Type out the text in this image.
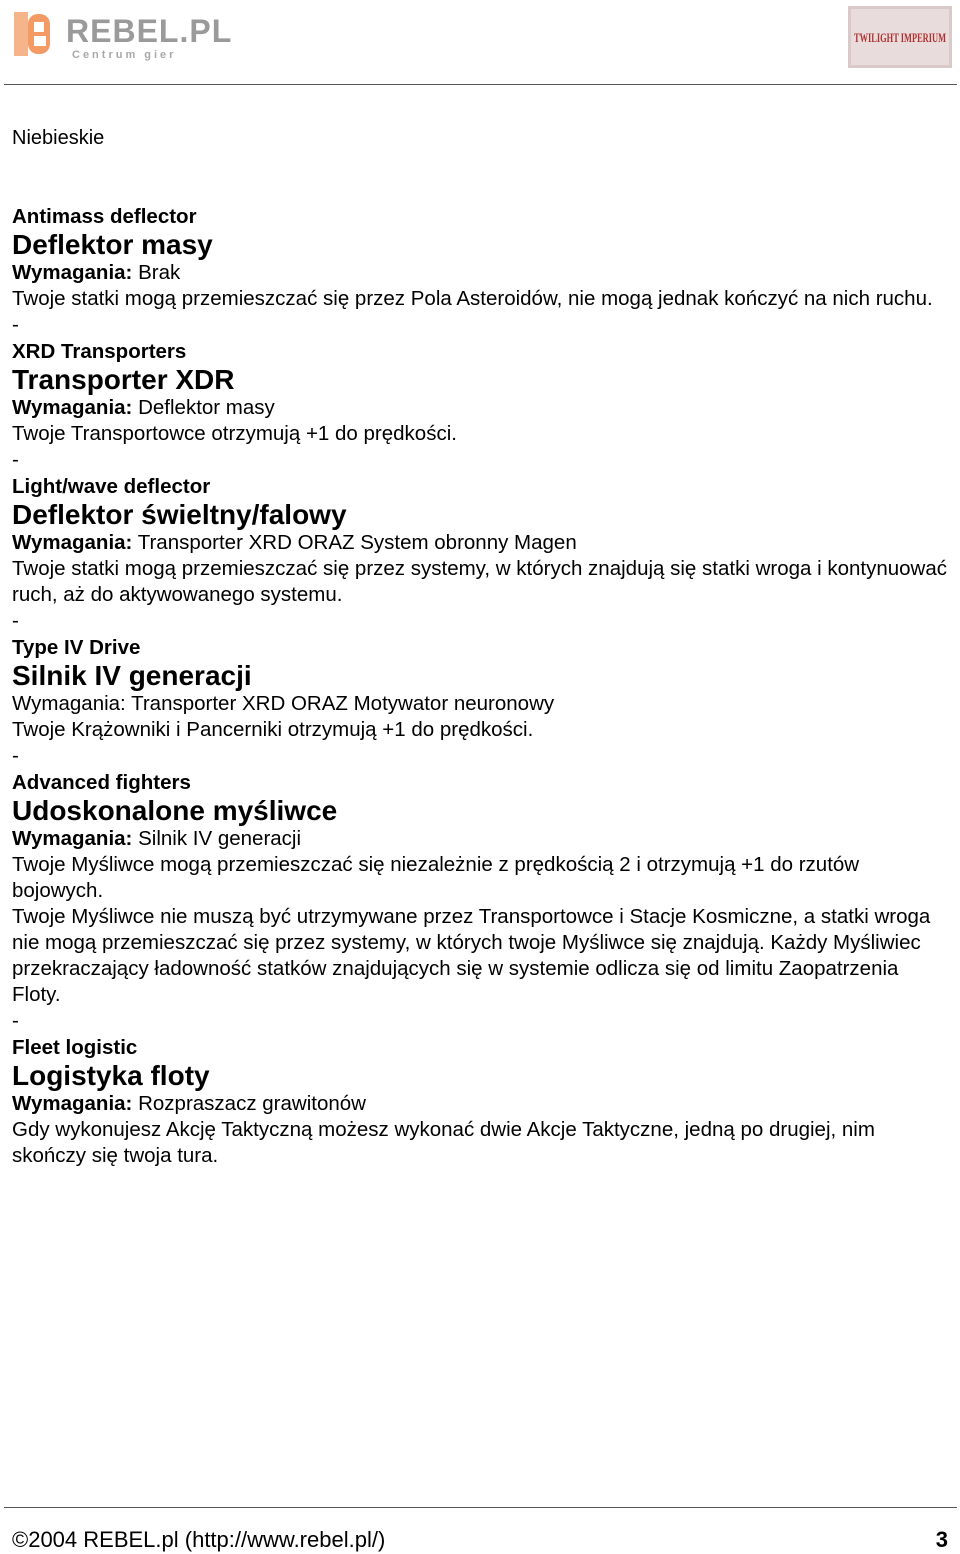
REBEL.PL
Centrum gier
TWILIGHT IMPERIUM
Niebieskie
Antimass deflector
Deflektor masy
Wymagania: Brak

Twoje statki mogą przemieszczać się przez Pola Asteroidów, nie mogą jednak kończyć na nich ruchu.

-
XRD Transporters
Transporter XDR
Wymagania: Deflektor masy

Twoje Transportowce otrzymują +1 do prędkości.

-
Light/wave deflector
Deflektor świeltny/falowy
Wymagania: Transporter XRD ORAZ System obronny Magen

Twoje statki mogą przemieszczać się przez systemy, w których znajdują się statki wroga i kontynuować ruch, aż do aktywowanego systemu.

-
Type IV Drive
Silnik IV generacji
Wymagania: Transporter XRD ORAZ Motywator neuronowy

Twoje Krążowniki i Pancerniki otrzymują +1 do prędkości.

-
Advanced fighters
Udoskonalone myśliwce
Wymagania: Silnik IV generacji

Twoje Myśliwce mogą przemieszczać się niezależnie z prędkością 2 i otrzymują +1 do rzutów bojowych.

Twoje Myśliwce nie muszą być utrzymywane przez Transportowce i Stacje Kosmiczne, a statki wroga nie mogą przemieszczać się przez systemy, w których twoje Myśliwce się znajdują. Każdy Myśliwiec przekraczający ładowność statków znajdujących się w systemie odlicza się od limitu Zaopatrzenia Floty.

-
Fleet logistic
Logistyka floty
Wymagania: Rozpraszacz grawitonów

Gdy wykonujesz Akcję Taktyczną możesz wykonać dwie Akcje Taktyczne, jedną po drugiej, nim skończy się twoja tura.

©2004 REBEL.pl (http://www.rebel.pl/)	3
